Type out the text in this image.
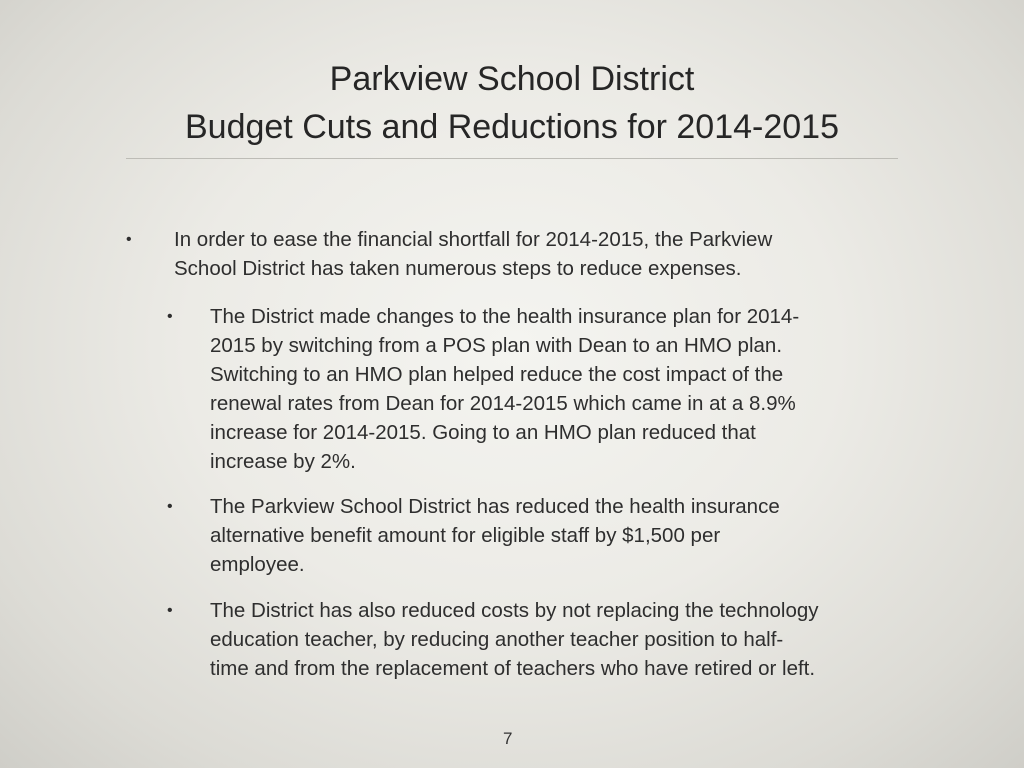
Parkview School District
Budget Cuts and Reductions for 2014-2015
• In order to ease the financial shortfall for 2014-2015, the Parkview
School District has taken numerous steps to reduce expenses.
• The District made changes to the health insurance plan for 2014-
2015 by switching from a POS plan with Dean to an HMO plan.
Switching to an HMO plan helped reduce the cost impact of the
renewal rates from Dean for 2014-2015 which came in at a 8.9%
increase for 2014-2015. Going to an HMO plan reduced that
increase by 2%.
• The Parkview School District has reduced the health insurance
alternative benefit amount for eligible staff by $1,500 per
employee.
• The District has also reduced costs by not replacing the technology
education teacher, by reducing another teacher position to half-
time and from the replacement of teachers who have retired or left.
7
